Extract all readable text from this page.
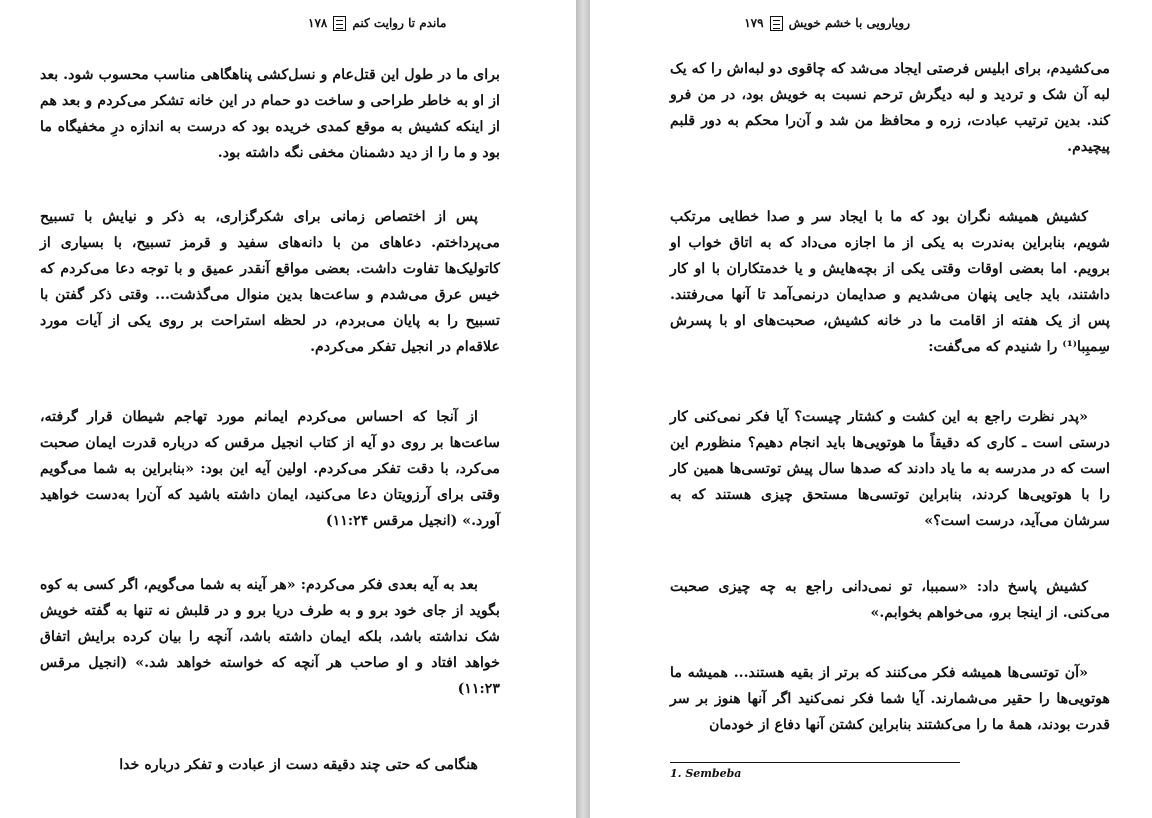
ماندم تا روایت کنم
۱۷۸

برای ما در طول این قتل‌عام و نسل‌کشی پناهگاهی مناسب محسوب شود. بعد از او به خاطر طراحی و ساخت دو حمام در این خانه تشکر می‌کردم و بعد هم از اینکه کشیش به موقع کمدی خریده بود که درست به اندازه درِ مخفیگاه ما بود و ما را از دید دشمنان مخفی نگه داشته بود.

پس از اختصاص زمانی برای شکرگزاری، به ذکر و نیایش با تسبیح می‌پرداختم. دعاهای من با دانه‌های سفید و قرمز تسبیح، با بسیاری از کاتولیک‌ها تفاوت داشت. بعضی مواقع آنقدر عمیق و با توجه دعا می‌کردم که خیس عرق می‌شدم و ساعت‌ها بدین منوال می‌گذشت... وقتی ذکر گفتن با تسبیح را به پایان می‌بردم، در لحظه استراحت بر روی یکی از آیات مورد علاقه‌ام در انجیل تفکر می‌کردم.

از آنجا که احساس می‌کردم ایمانم مورد تهاجم شیطان قرار گرفته، ساعت‌ها بر روی دو آیه از کتاب انجیل مرقس که درباره قدرت ایمان صحبت می‌کرد، با دقت تفکر می‌کردم. اولین آیه این بود: «بنابراین به شما می‌گویم وقتی برای آرزویتان دعا می‌کنید، ایمان داشته باشید که آن‌را به‌دست خواهید آورد.» (انجیل مرقس ۱۱:۲۴)

بعد به آیه بعدی فکر می‌کردم: «هر آینه به شما می‌گویم، اگر کسی به کوه بگوید از جای خود برو و به طرف دریا برو و در قلبش نه تنها به گفته خویش شک نداشته باشد، بلکه ایمان داشته باشد، آنچه را بیان کرده برایش اتفاق خواهد افتاد و او صاحب هر آنچه که خواسته خواهد شد.» (انجیل مرقس ۱۱:۲۳)

هنگامی که حتی چند دقیقه دست از عبادت و تفکر درباره خدا

رویارویی با خشم خویش
۱۷۹

می‌کشیدم، برای ابلیس فرصتی ایجاد می‌شد که چاقوی دو لبه‌اش را که یک لبه آن شک و تردید و لبه دیگرش ترحم نسبت به خویش بود، در من فرو کند. بدین ترتیب عبادت، زره و محافظ من شد و آن‌را محکم به دور قلبم پیچیدم.

کشیش همیشه نگران بود که ما با ایجاد سر و صدا خطایی مرتکب شویم، بنابراین به‌ندرت به یکی از ما اجازه می‌داد که به اتاق خواب او برویم. اما بعضی اوقات وقتی یکی از بچه‌هایش و یا خدمتکاران با او کار داشتند، باید جایی پنهان می‌شدیم و صدایمان درنمی‌آمد تا آنها می‌رفتند. پس از یک هفته از اقامت ما در خانه کشیش، صحبت‌های او با پسرش سِمبِبا⁽¹⁾ را شنیدم که می‌گفت:

«پدر نظرت راجع به این کشت و کشتار چیست؟ آیا فکر نمی‌کنی کار درستی است ـ کاری که دقیقاً ما هوتویی‌ها باید انجام دهیم؟ منظورم این است که در مدرسه به ما یاد دادند که صدها سال پیش توتسی‌ها همین کار را با هوتویی‌ها کردند، بنابراین توتسی‌ها مستحق چیزی هستند که به سرشان می‌آید، درست است؟»

کشیش پاسخ داد: «سمببا، تو نمی‌دانی راجع به چه چیزی صحبت می‌کنی. از اینجا برو، می‌خواهم بخوابم.»

«آن توتسی‌ها همیشه فکر می‌کنند که برتر از بقیه هستند... همیشه ما هوتویی‌ها را حقیر می‌شمارند. آیا شما فکر نمی‌کنید اگر آنها هنوز بر سر قدرت بودند، همهٔ ما را می‌کشتند بنابراین کشتن آنها دفاع از خودمان

1. Sembeba
